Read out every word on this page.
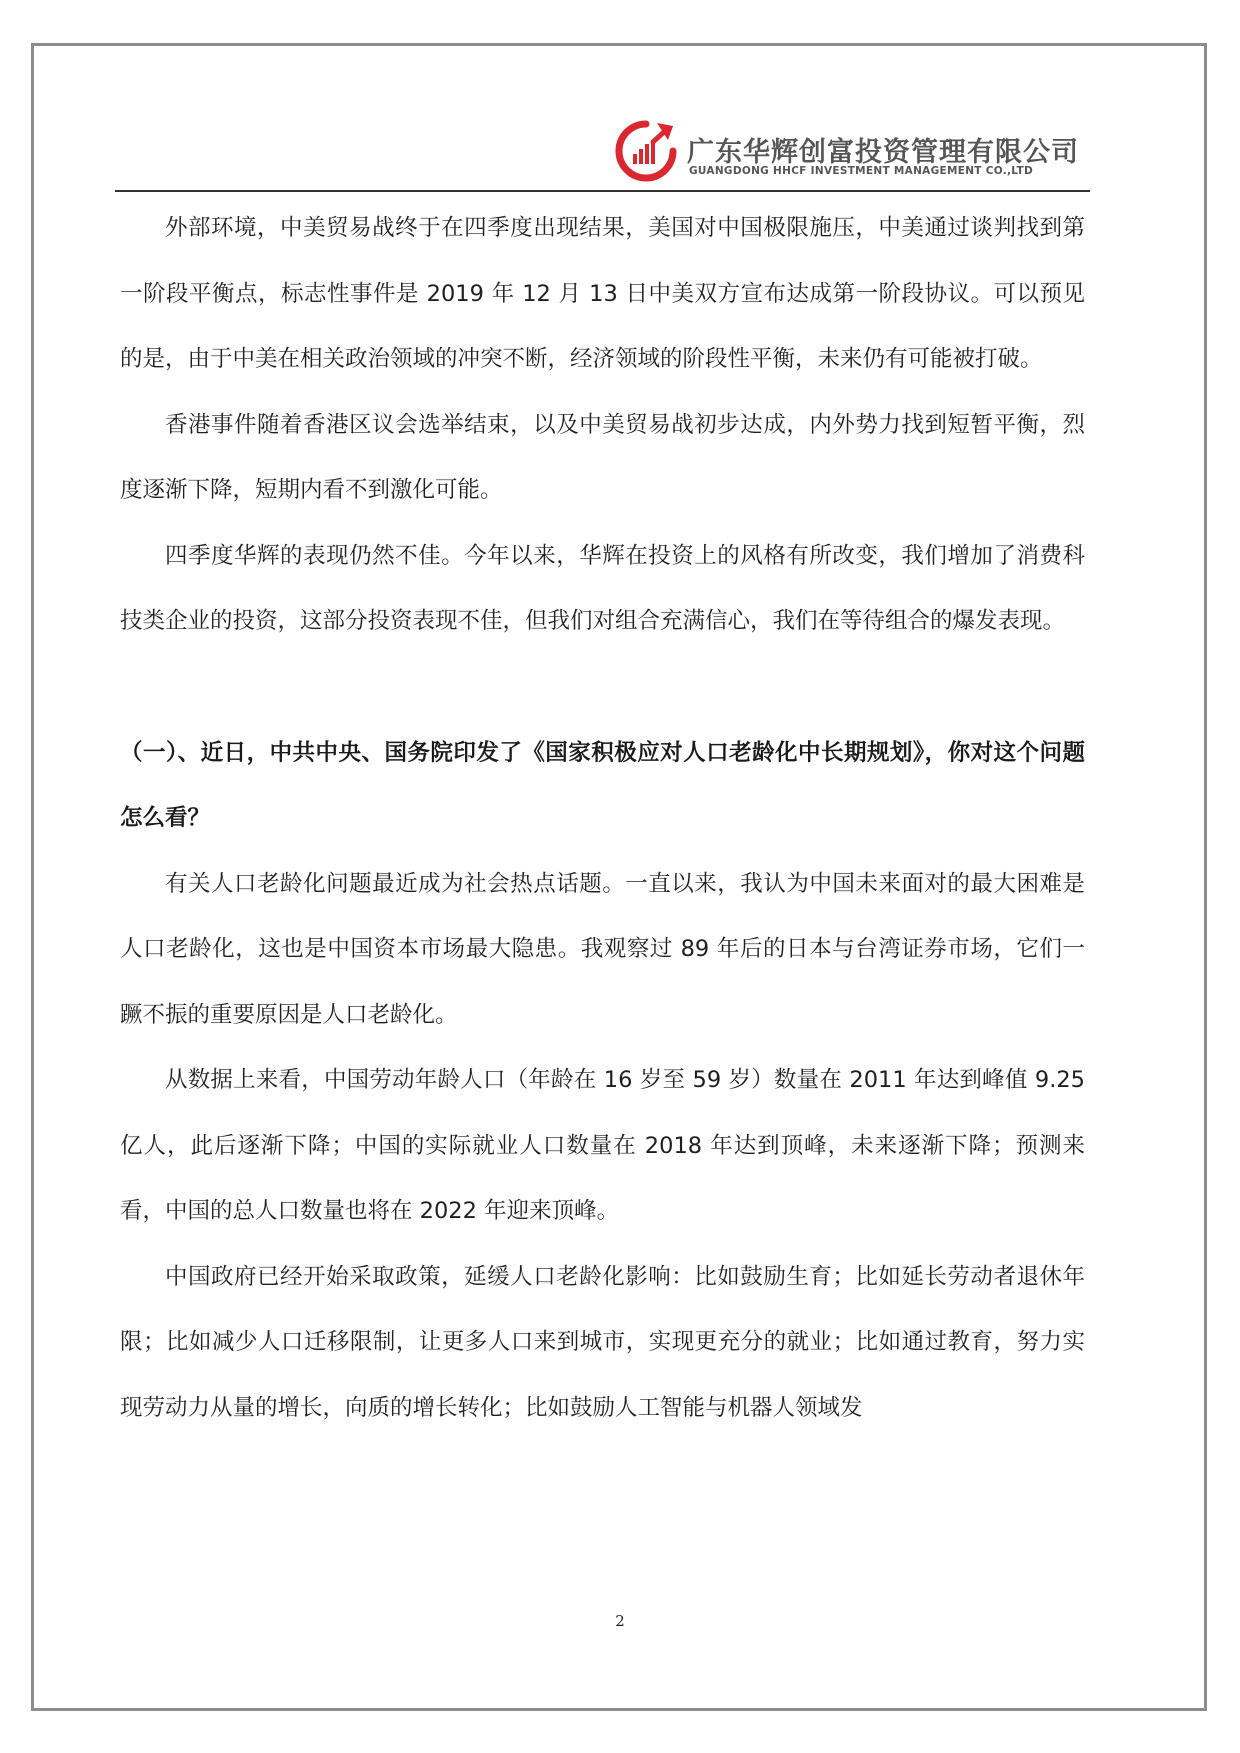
广东华辉创富投资管理有限公司
GUANGDONG HHCF INVESTMENT MANAGEMENT CO.,LTD

外部环境，中美贸易战终于在四季度出现结果，美国对中国极限施压，中美通过谈判找到第一阶段平衡点，标志性事件是 2019 年 12 月 13 日中美双方宣布达成第一阶段协议。可以预见的是，由于中美在相关政治领域的冲突不断，经济领域的阶段性平衡，未来仍有可能被打破。

香港事件随着香港区议会选举结束，以及中美贸易战初步达成，内外势力找到短暂平衡，烈度逐渐下降，短期内看不到激化可能。

四季度华辉的表现仍然不佳。今年以来，华辉在投资上的风格有所改变，我们增加了消费科技类企业的投资，这部分投资表现不佳，但我们对组合充满信心，我们在等待组合的爆发表现。

（一）、近日，中共中央、国务院印发了《国家积极应对人口老龄化中长期规划》，你对这个问题怎么看？

有关人口老龄化问题最近成为社会热点话题。一直以来，我认为中国未来面对的最大困难是人口老龄化，这也是中国资本市场最大隐患。我观察过 89 年后的日本与台湾证券市场，它们一蹶不振的重要原因是人口老龄化。

从数据上来看，中国劳动年龄人口（年龄在 16 岁至 59 岁）数量在 2011 年达到峰值 9.25 亿人，此后逐渐下降；中国的实际就业人口数量在 2018 年达到顶峰，未来逐渐下降；预测来看，中国的总人口数量也将在 2022 年迎来顶峰。

中国政府已经开始采取政策，延缓人口老龄化影响：比如鼓励生育；比如延长劳动者退休年限；比如减少人口迁移限制，让更多人口来到城市，实现更充分的就业；比如通过教育，努力实现劳动力从量的增长，向质的增长转化；比如鼓励人工智能与机器人领域发

2
